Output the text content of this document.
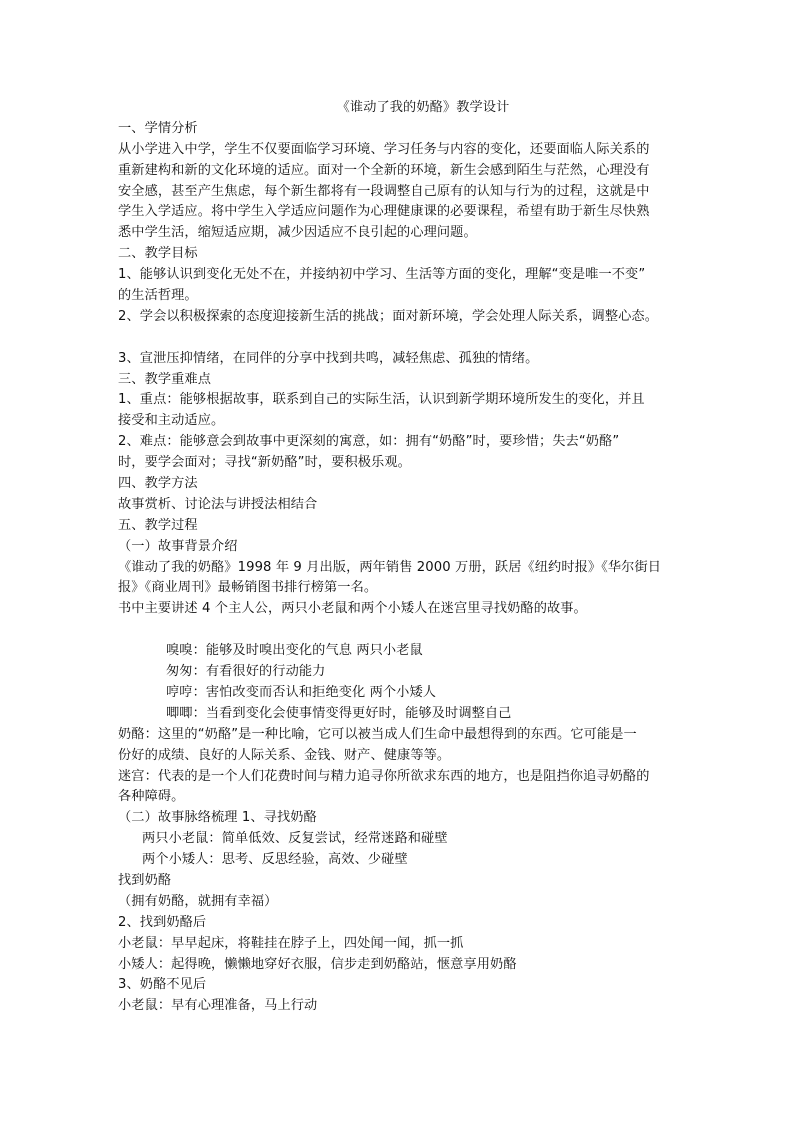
《谁动了我的奶酪》教学设计

一、学情分析

从小学进入中学，学生不仅要面临学习环境、学习任务与内容的变化，还要面临人际关系的

重新建构和新的文化环境的适应。面对一个全新的环境，新生会感到陌生与茫然，心理没有

安全感，甚至产生焦虑，每个新生都将有一段调整自己原有的认知与行为的过程，这就是中

学生入学适应。将中学生入学适应问题作为心理健康课的必要课程，希望有助于新生尽快熟

悉中学生活，缩短适应期，减少因适应不良引起的心理问题。

二、教学目标

1、能够认识到变化无处不在，并接纳初中学习、生活等方面的变化，理解“变是唯一不变”

的生活哲理。

2、学会以积极探索的态度迎接新生活的挑战；面对新环境，学会处理人际关系，调整心态。

3、宣泄压抑情绪，在同伴的分享中找到共鸣，减轻焦虑、孤独的情绪。

三、教学重难点

1、重点：能够根据故事，联系到自己的实际生活，认识到新学期环境所发生的变化，并且

接受和主动适应。

2、难点：能够意会到故事中更深刻的寓意，如：拥有“奶酪”时，要珍惜；失去“奶酪”

时，要学会面对；寻找“新奶酪”时，要积极乐观。

四、教学方法

故事赏析、讨论法与讲授法相结合

五、教学过程

（一）故事背景介绍

《谁动了我的奶酪》1998 年 9 月出版，两年销售 2000 万册，跃居《纽约时报》《华尔街日

报》《商业周刊》最畅销图书排行榜第一名。

书中主要讲述 4 个主人公，两只小老鼠和两个小矮人在迷宫里寻找奶酪的故事。

嗅嗅：能够及时嗅出变化的气息 两只小老鼠

匆匆：有看很好的行动能力

哼哼：害怕改变而否认和拒绝变化 两个小矮人

唧唧：当看到变化会使事情变得更好时，能够及时调整自己

奶酪：这里的“奶酪”是一种比喻，它可以被当成人们生命中最想得到的东西。它可能是一

份好的成绩、良好的人际关系、金钱、财产、健康等等。

迷宫：代表的是一个人们花费时间与精力追寻你所欲求东西的地方，也是阻挡你追寻奶酪的

各种障碍。

（二）故事脉络梳理 1、寻找奶酪

两只小老鼠：简单低效、反复尝试，经常迷路和碰壁

两个小矮人：思考、反思经验，高效、少碰壁

找到奶酪

（拥有奶酪，就拥有幸福）

2、找到奶酪后

小老鼠：早早起床，将鞋挂在脖子上，四处闻一闻，抓一抓

小矮人：起得晚，懒懒地穿好衣服，信步走到奶酪站，惬意享用奶酪

3、奶酪不见后

小老鼠：早有心理准备，马上行动
